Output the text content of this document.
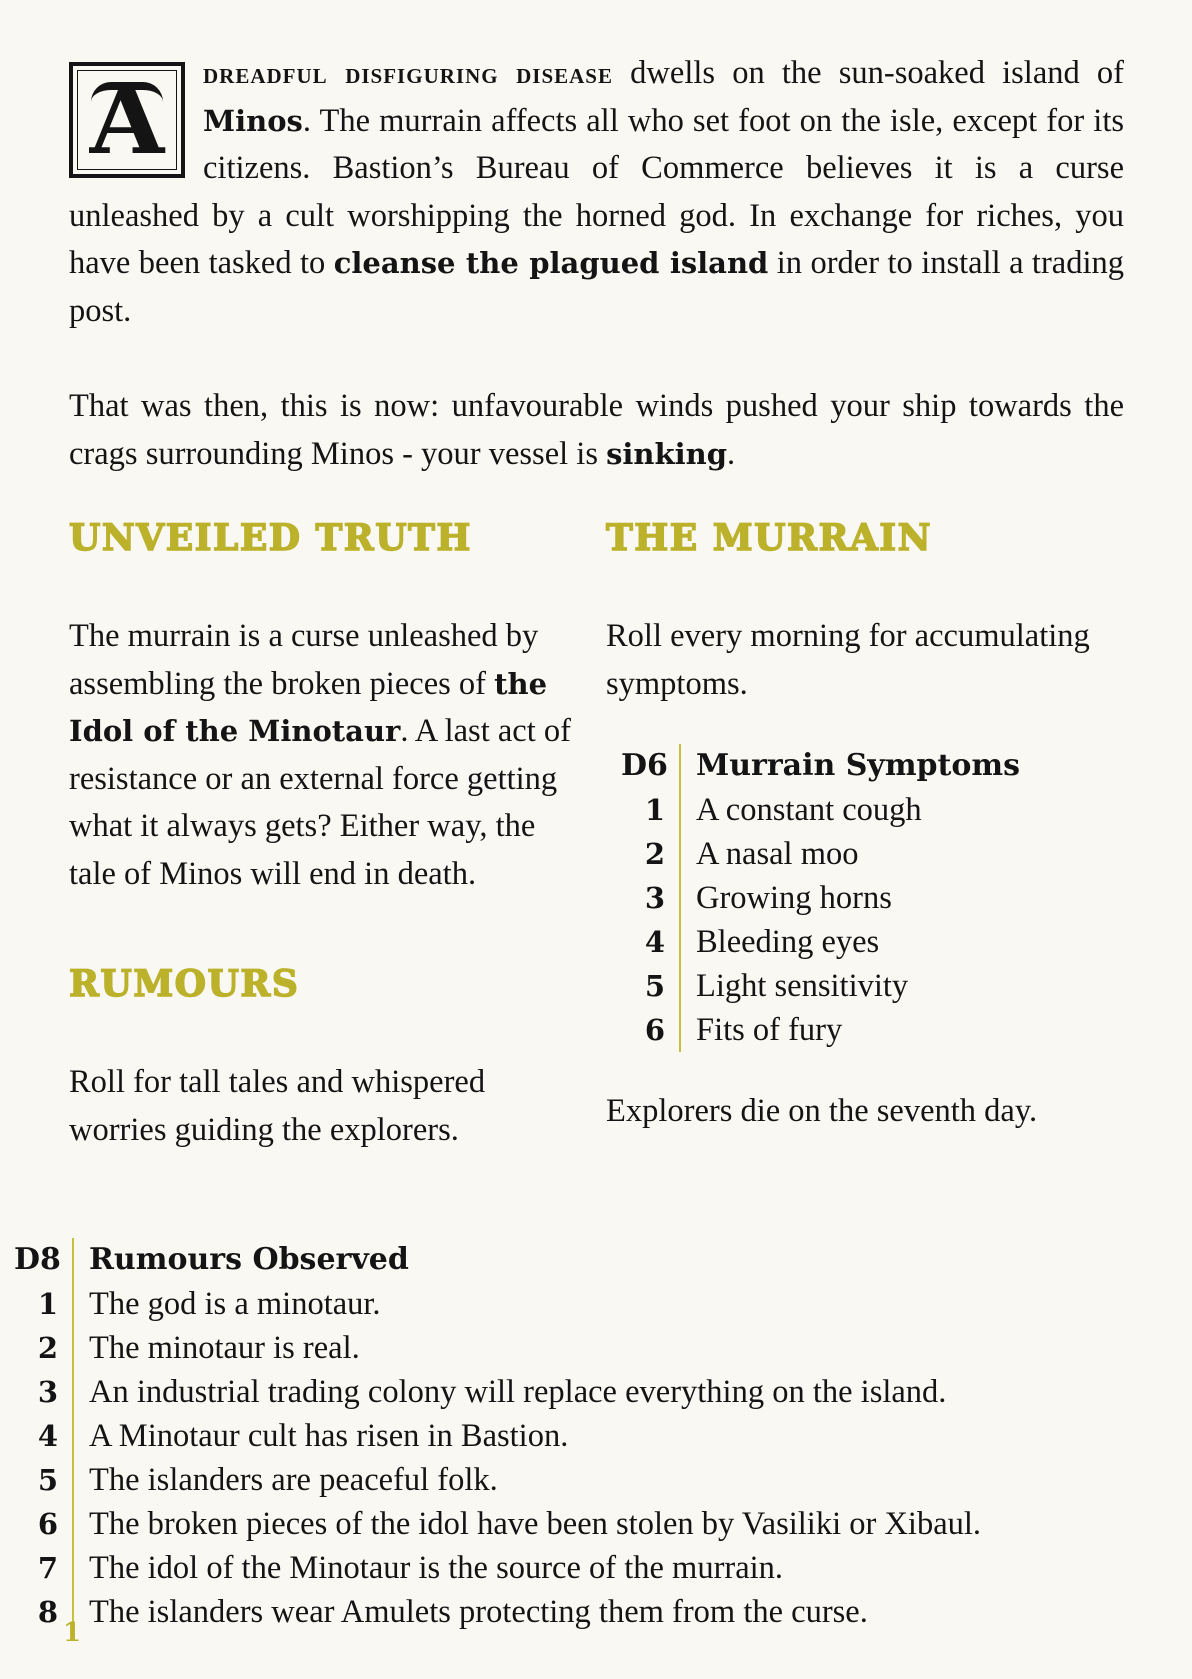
A	dreadful disfiguring disease dwells on the sun-soaked island of Minos. The murrain affects all who set foot on the isle, except for its citizens. Bastion’s Bureau of Commerce believes it is a curse unleashed by a cult worshipping the horned god. In exchange for riches, you have been tasked to cleanse the plagued island in order to install a trading post.

That was then, this is now: unfavourable winds pushed your ship towards the crags surrounding Minos - your vessel is sinking.

UNVEILED TRUTH

The murrain is a curse unleashed by assembling the broken pieces of the Idol of the Minotaur. A last act of resistance or an external force getting what it always gets? Either way, the tale of Minos will end in death.

RUMOURS

Roll for tall tales and whispered worries guiding the explorers.

THE MURRAIN

Roll every morning for accumulating symptoms.

D6 Murrain Symptoms
1 A constant cough
2 A nasal moo
3 Growing horns
4 Bleeding eyes
5 Light sensitivity
6 Fits of fury

Explorers die on the seventh day.

D8 Rumours Observed
1 The god is a minotaur.
2 The minotaur is real.
3 An industrial trading colony will replace everything on the island.
4 A Minotaur cult has risen in Bastion.
5 The islanders are peaceful folk.
6 The broken pieces of the idol have been stolen by Vasiliki or Xibaul.
7 The idol of the Minotaur is the source of the murrain.
8 The islanders wear Amulets protecting them from the curse.
1
